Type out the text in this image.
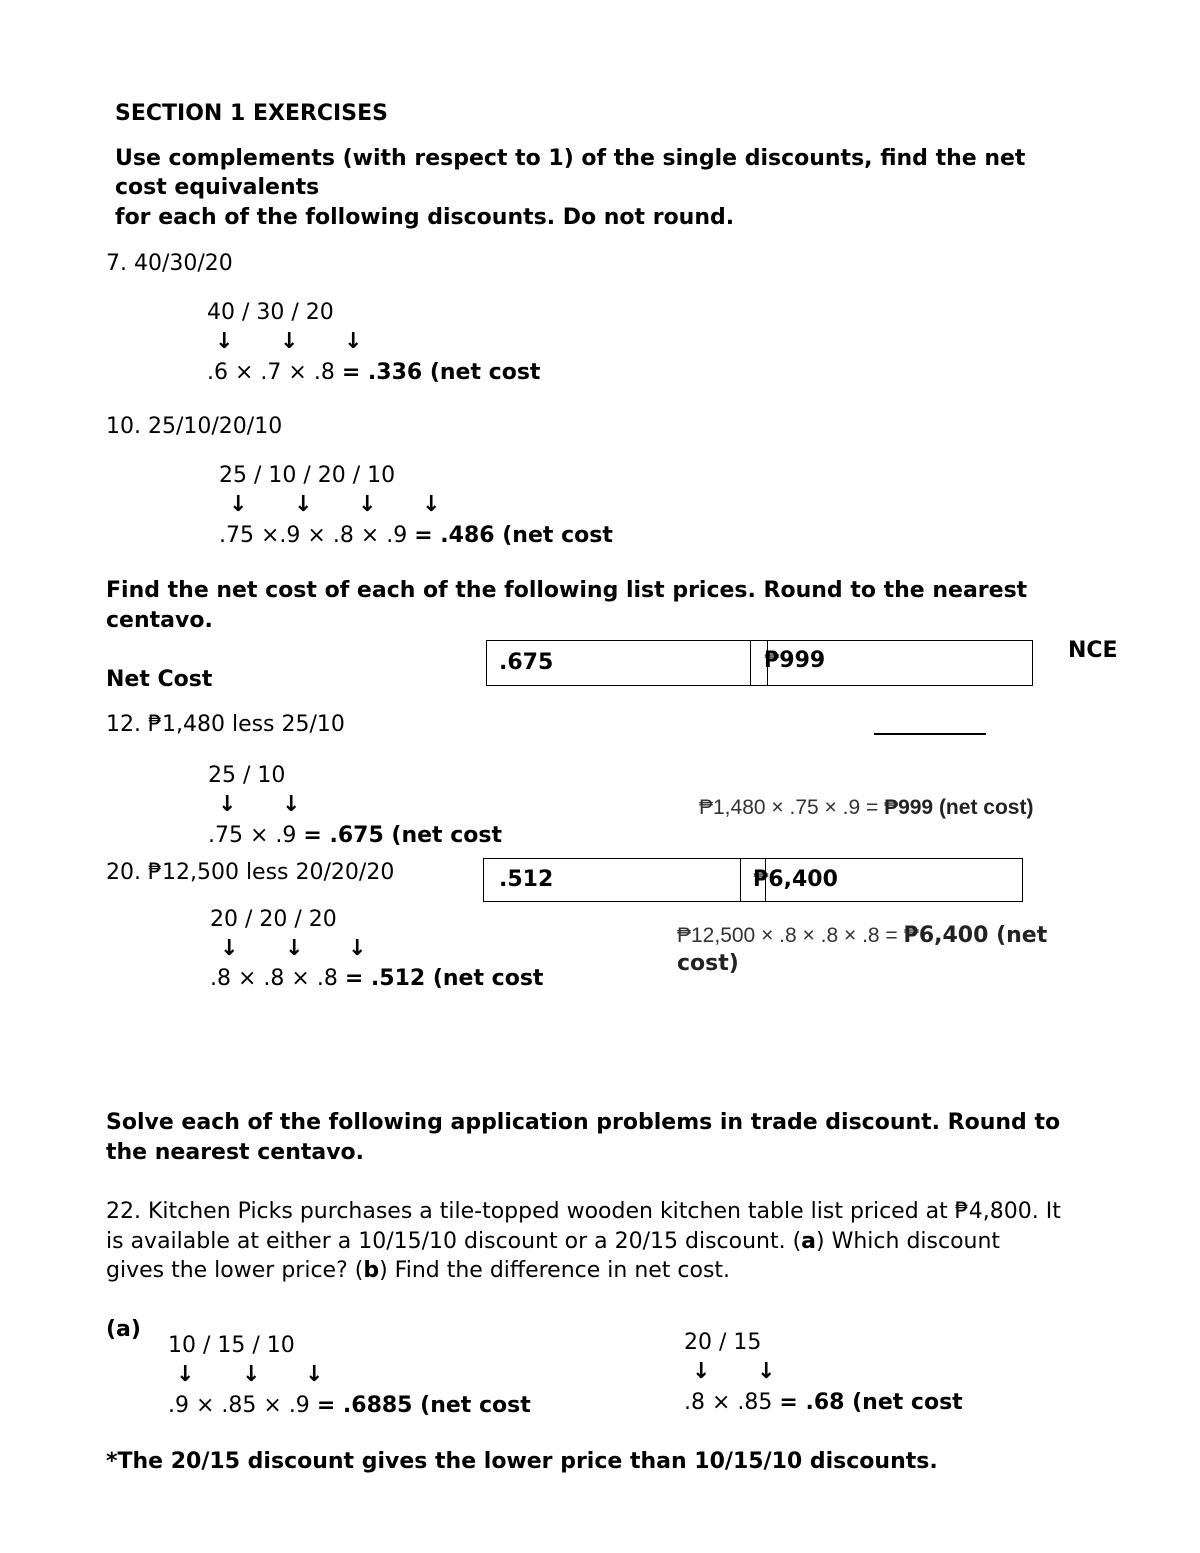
SECTION 1 EXERCISES
Use complements (with respect to 1) of the single discounts, find the net
cost equivalents
for each of the following discounts. Do not round.
7. 40/30/20
40 / 30 / 20
↓ ↓ ↓
.6 × .7 × .8 = .336 (net cost
10. 25/10/20/10
25 / 10 / 20 / 10
↓ ↓ ↓ ↓
.75 ×.9 × .8 × .9 = .486 (net cost
Find the net cost of each of the following list prices. Round to the nearest
centavo.
NCE
Net Cost
.675	₱999
12. ₱1,480 less 25/10
25 / 10
↓ ↓	₱1,480 × .75 × .9 = ₱999 (net cost)
.75 × .9 = .675 (net cost
20. ₱12,500 less 20/20/20	.512	₱6,400
20 / 20 / 20
₱12,500 × .8 × .8 × .8 = ₱6,400 (net
cost)
↓ ↓ ↓
.8 × .8 × .8 = .512 (net cost
Solve each of the following application problems in trade discount. Round to
the nearest centavo.
22. Kitchen Picks purchases a tile-topped wooden kitchen table list priced at ₱4,800. It
is available at either a 10/15/10 discount or a 20/15 discount. (a) Which discount
gives the lower price? (b) Find the difference in net cost.
(a)
10 / 15 / 10
↓ ↓ ↓
.9 × .85 × .9 = .6885 (net cost
20 / 15
↓ ↓
.8 × .85 = .68 (net cost
*The 20/15 discount gives the lower price than 10/15/10 discounts.
